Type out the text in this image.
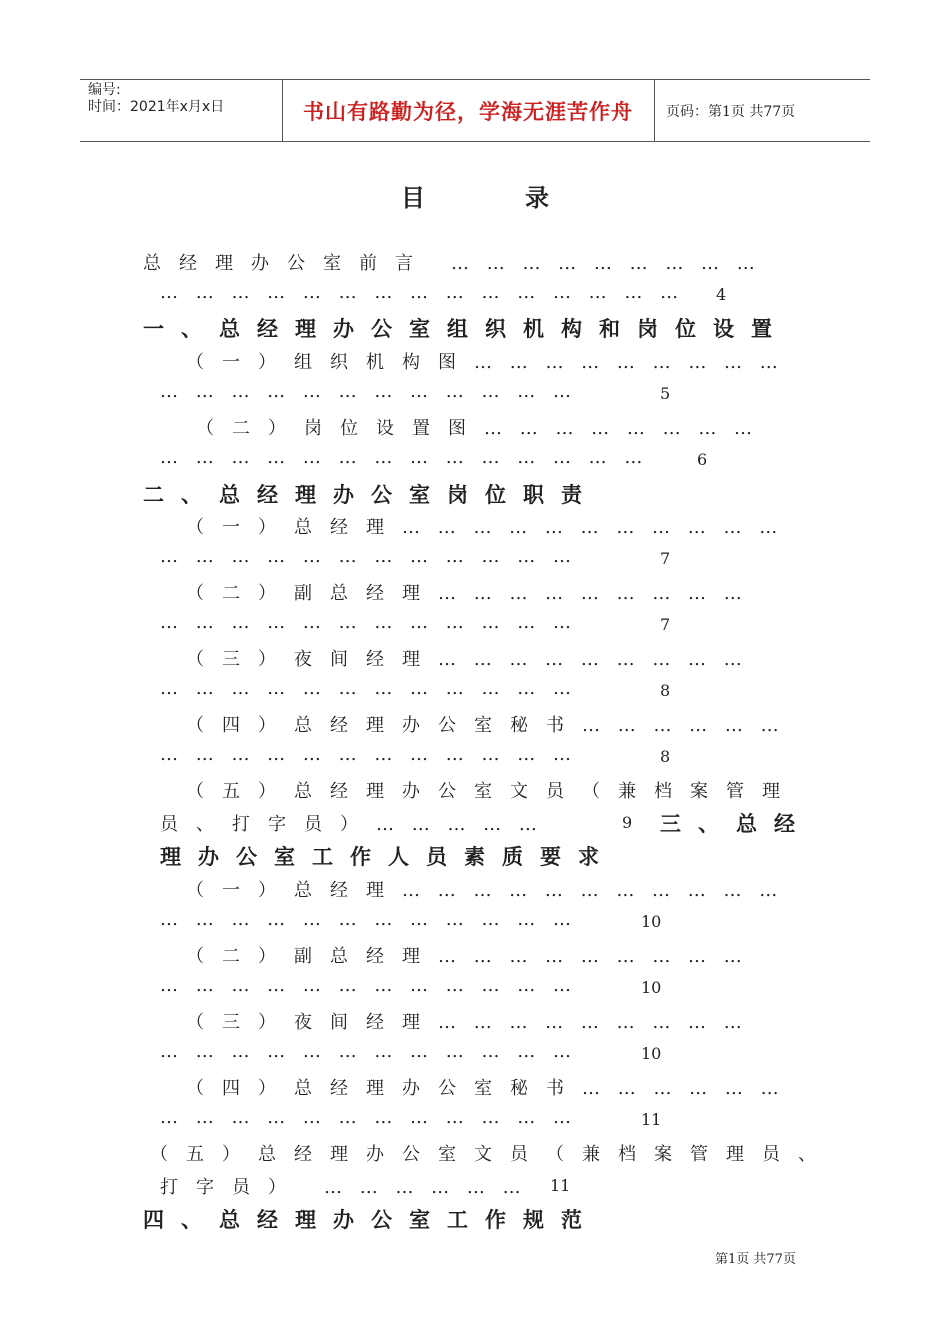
编号:
时间：2021年x月x日	书山有路勤为径，学海无涯苦作舟	页码：第1页 共77页
目录
总经理办公室前言 … … … … … … … … …
… … … … … … … … … … … … … … … 4
一、总经理办公室组织机构和岗位设置
（一）组织机构图… … … … … … … … …
… … … … … … … … … … … …	5
（二）岗位设置图… … … … … … … …
… … … … … … … … … … … … … …	6
二、总经理办公室岗位职责
（一）总经理… … … … … … … … … … …
… … … … … … … … … … … …	7
（二）副总经理… … … … … … … … …
… … … … … … … … … … … …	7
（三）夜间经理… … … … … … … … …
… … … … … … … … … … … …	8
（四）总经理办公室秘书… … … … … …
… … … … … … … … … … … …	8
（五）总经理办公室文员（兼档案管理
员、打字员）… … … … …	9 三、总经
理办公室工作人员素质要求
（一）总经理… … … … … … … … … … …
… … … … … … … … … … … …	10
（二）副总经理… … … … … … … … …
… … … … … … … … … … … …	10
（三）夜间经理… … … … … … … … …
… … … … … … … … … … … …	10
（四）总经理办公室秘书… … … … … …
… … … … … … … … … … … …	11
（五）总经理办公室文员（兼档案管理员、
打字员） … … … … … … 11
四、总经理办公室工作规范
第1页 共77页
